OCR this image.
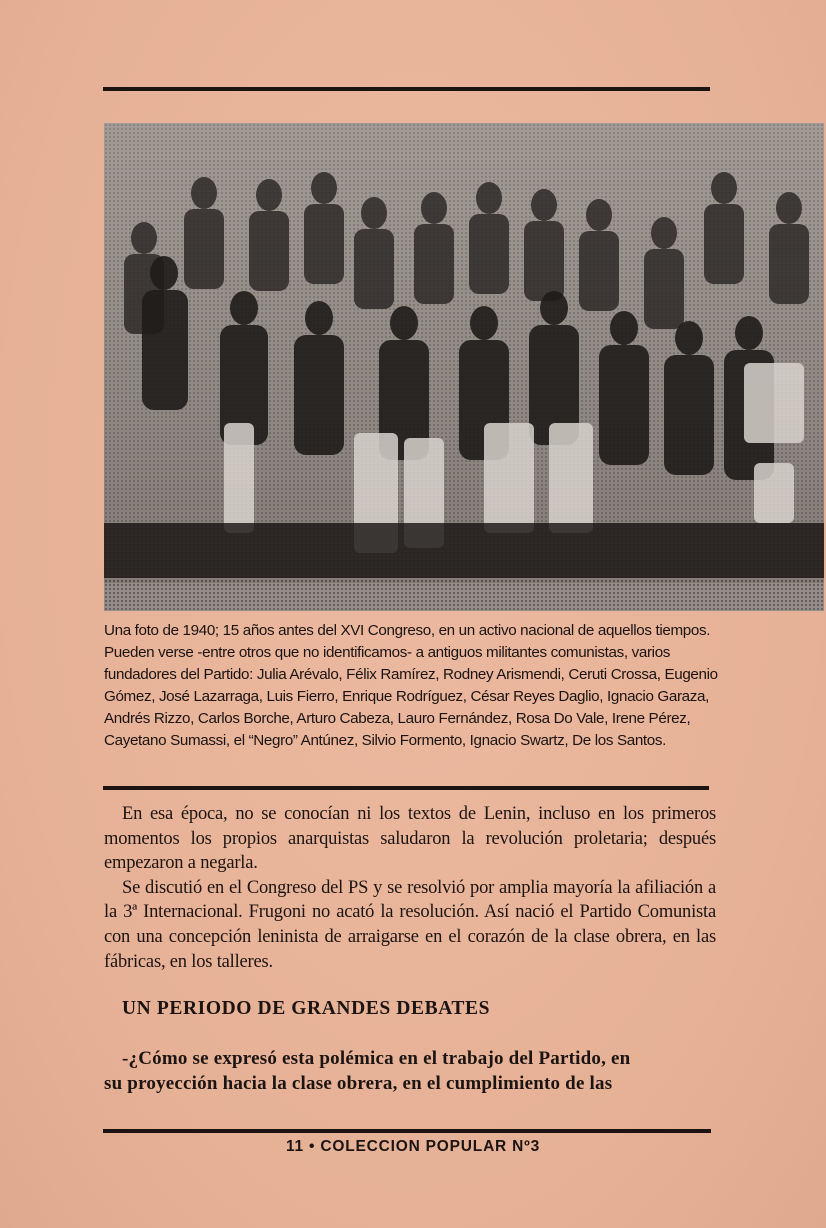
Una foto de 1940; 15 años antes del XVI Congreso, en un activo nacional de aquellos tiempos. Pueden verse -entre otros que no identificamos- a antiguos militantes comunistas, varios fundadores del Partido: Julia Arévalo, Félix Ramírez, Rodney Arismendi, Ceruti Crossa, Eugenio Gómez, José Lazarraga, Luis Fierro, Enrique Rodríguez, César Reyes Daglio, Ignacio Garaza, Andrés Rizzo, Carlos Borche, Arturo Cabeza, Lauro Fernández, Rosa Do Vale, Irene Pérez, Cayetano Sumassi, el “Negro” Antúnez, Silvio Formento, Ignacio Swartz, De los Santos.

En esa época, no se conocían ni los textos de Lenin, incluso en los primeros momentos los propios anarquistas saludaron la revolución proletaria; después empezaron a negarla.

Se discutió en el Congreso del PS y se resolvió por amplia mayoría la afiliación a la 3ª Internacional. Frugoni no acató la resolución. Así nació el Partido Comunista con una concepción leninista de arraigarse en el corazón de la clase obrera, en las fábricas, en los talleres.

UN PERIODO DE GRANDES DEBATES

-¿Cómo se expresó esta polémica en el trabajo del Partido, en
su proyección hacia la clase obrera, en el cumplimiento de las

11 • COLECCION POPULAR Nº3
